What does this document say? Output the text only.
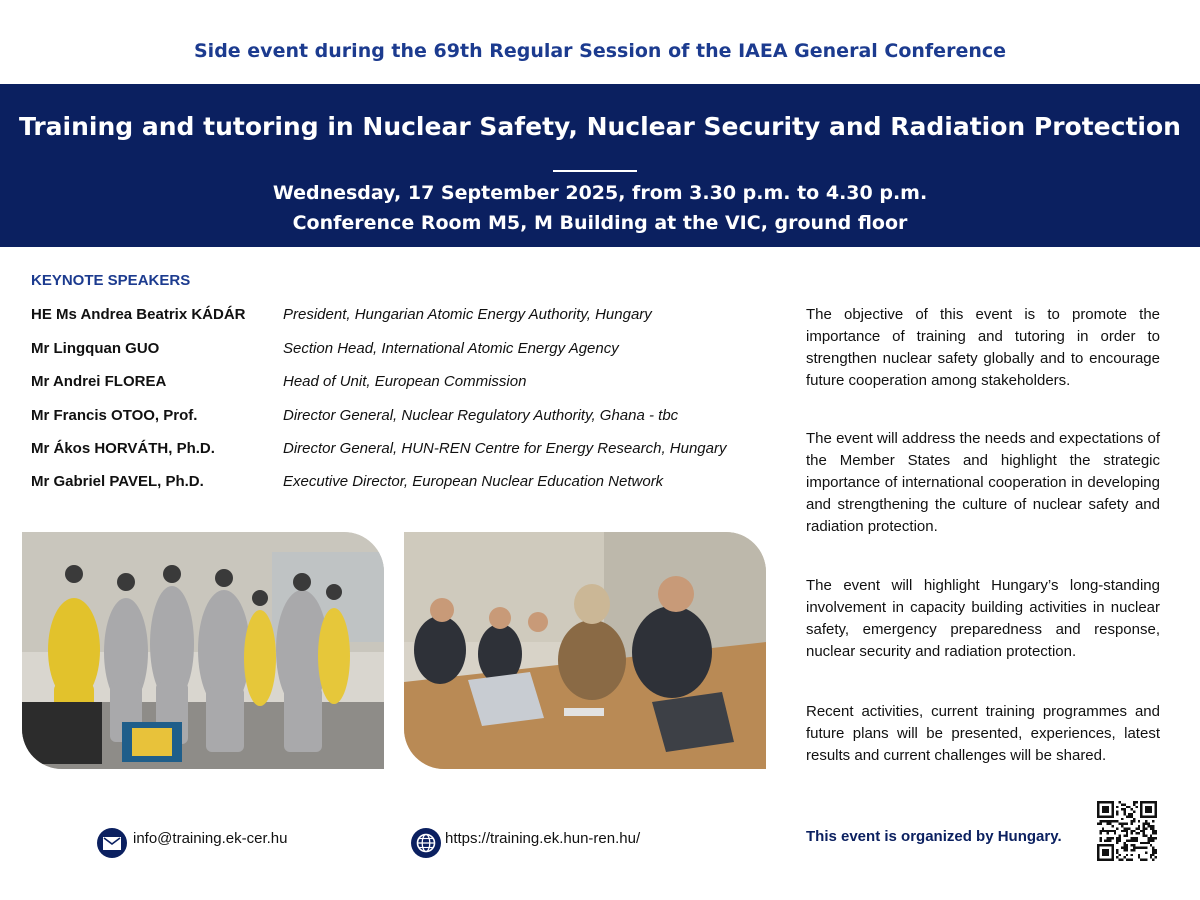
Side event during the 69th Regular Session of the IAEA General Conference
Training and tutoring in Nuclear Safety, Nuclear Security and Radiation Protection
Wednesday, 17 September 2025, from 3.30 p.m. to 4.30 p.m.
Conference Room M5, M Building at the VIC, ground floor
KEYNOTE SPEAKERS
HE Ms Andrea Beatrix KÁDÁR	President, Hungarian Atomic Energy Authority, Hungary
Mr Lingquan GUO	Section Head, International Atomic Energy Agency
Mr Andrei FLOREA	Head of Unit, European Commission
Mr Francis OTOO, Prof.	Director General, Nuclear Regulatory Authority, Ghana - tbc
Mr Ákos HORVÁTH, Ph.D.	Director General, HUN-REN Centre for Energy Research, Hungary
Mr Gabriel PAVEL, Ph.D.	Executive Director, European Nuclear Education Network

The objective of this event is to promote the importance of training and tutoring in order to strengthen nuclear safety globally and to encourage future cooperation among stakeholders.

The event will address the needs and expectations of the Member States and highlight the strategic importance of international cooperation in developing and strengthening the culture of nuclear safety and radiation protection.

The event will highlight Hungary’s long-standing involvement in capacity building activities in nuclear safety, emergency preparedness and response, nuclear security and radiation protection.

Recent activities, current training programmes and future plans will be presented, experiences, latest results and current challenges will be shared.

info@training.ek-cer.hu	https://training.ek.hun-ren.hu/	This event is organized by Hungary.
